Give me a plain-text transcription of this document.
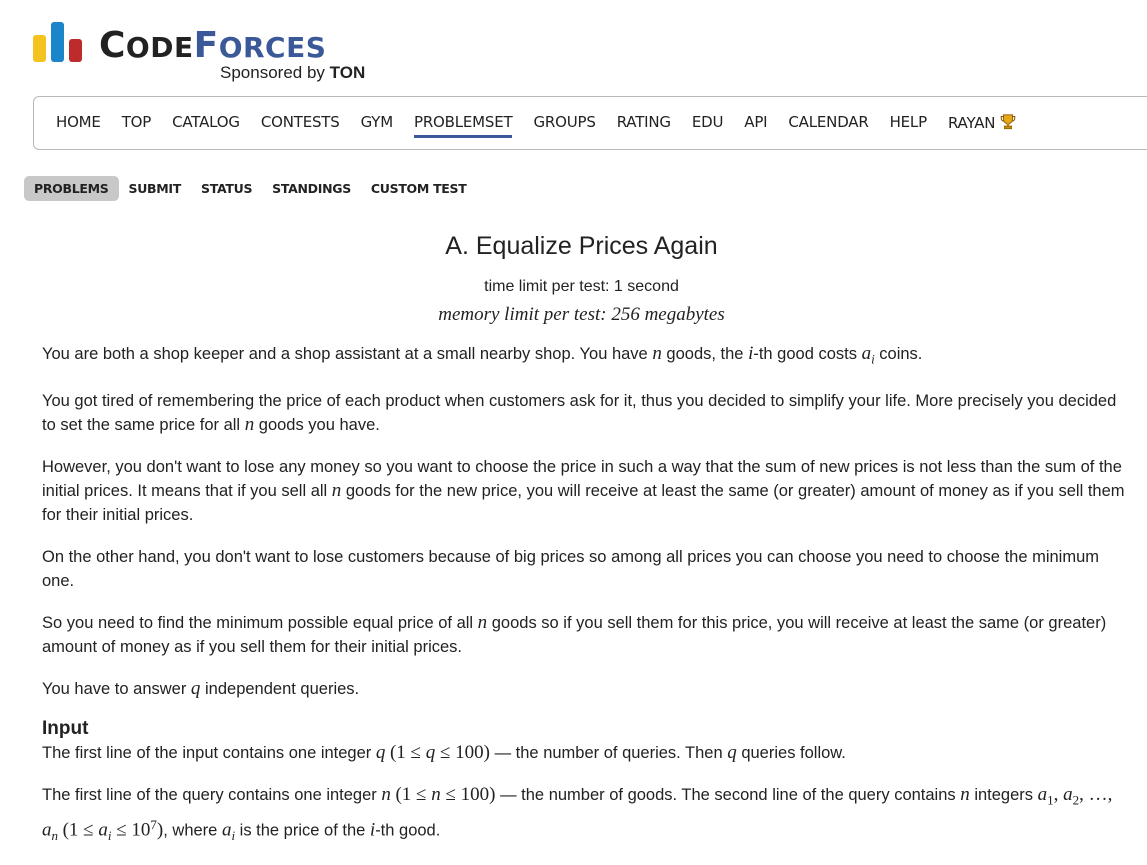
CODEFORCES
Sponsored by TON
HOME TOP CATALOG CONTESTS GYM PROBLEMSET GROUPS RATING EDU API CALENDAR HELP RAYAN
PROBLEMS	SUBMIT	STATUS	STANDINGS	CUSTOM TEST
A. Equalize Prices Again
time limit per test: 1 second
memory limit per test: 256 megabytes

You are both a shop keeper and a shop assistant at a small nearby shop. You have n goods, the i-th good costs $a_i$ coins.

You got tired of remembering the price of each product when customers ask for it, thus you decided to simplify your life. More precisely you decided to set the same price for all n goods you have.

However, you don't want to lose any money so you want to choose the price in such a way that the sum of new prices is not less than the sum of the initial prices. It means that if you sell all n goods for the new price, you will receive at least the same (or greater) amount of money as if you sell them for their initial prices.

On the other hand, you don't want to lose customers because of big prices so among all prices you can choose you need to choose the minimum one.

So you need to find the minimum possible equal price of all n goods so if you sell them for this price, you will receive at least the same (or greater) amount of money as if you sell them for their initial prices.

You have to answer q independent queries.

Input

The first line of the input contains one integer q (1 ≤ q ≤ 100) — the number of queries. Then q queries follow.

The first line of the query contains one integer n (1 ≤ n ≤ 100) — the number of goods. The second line of the query contains n integers $a_1$, $a_2$, …, $a_n$ $(1 \le a_i \le 10^7)$, where $a_i$ is the price of the i-th good.
